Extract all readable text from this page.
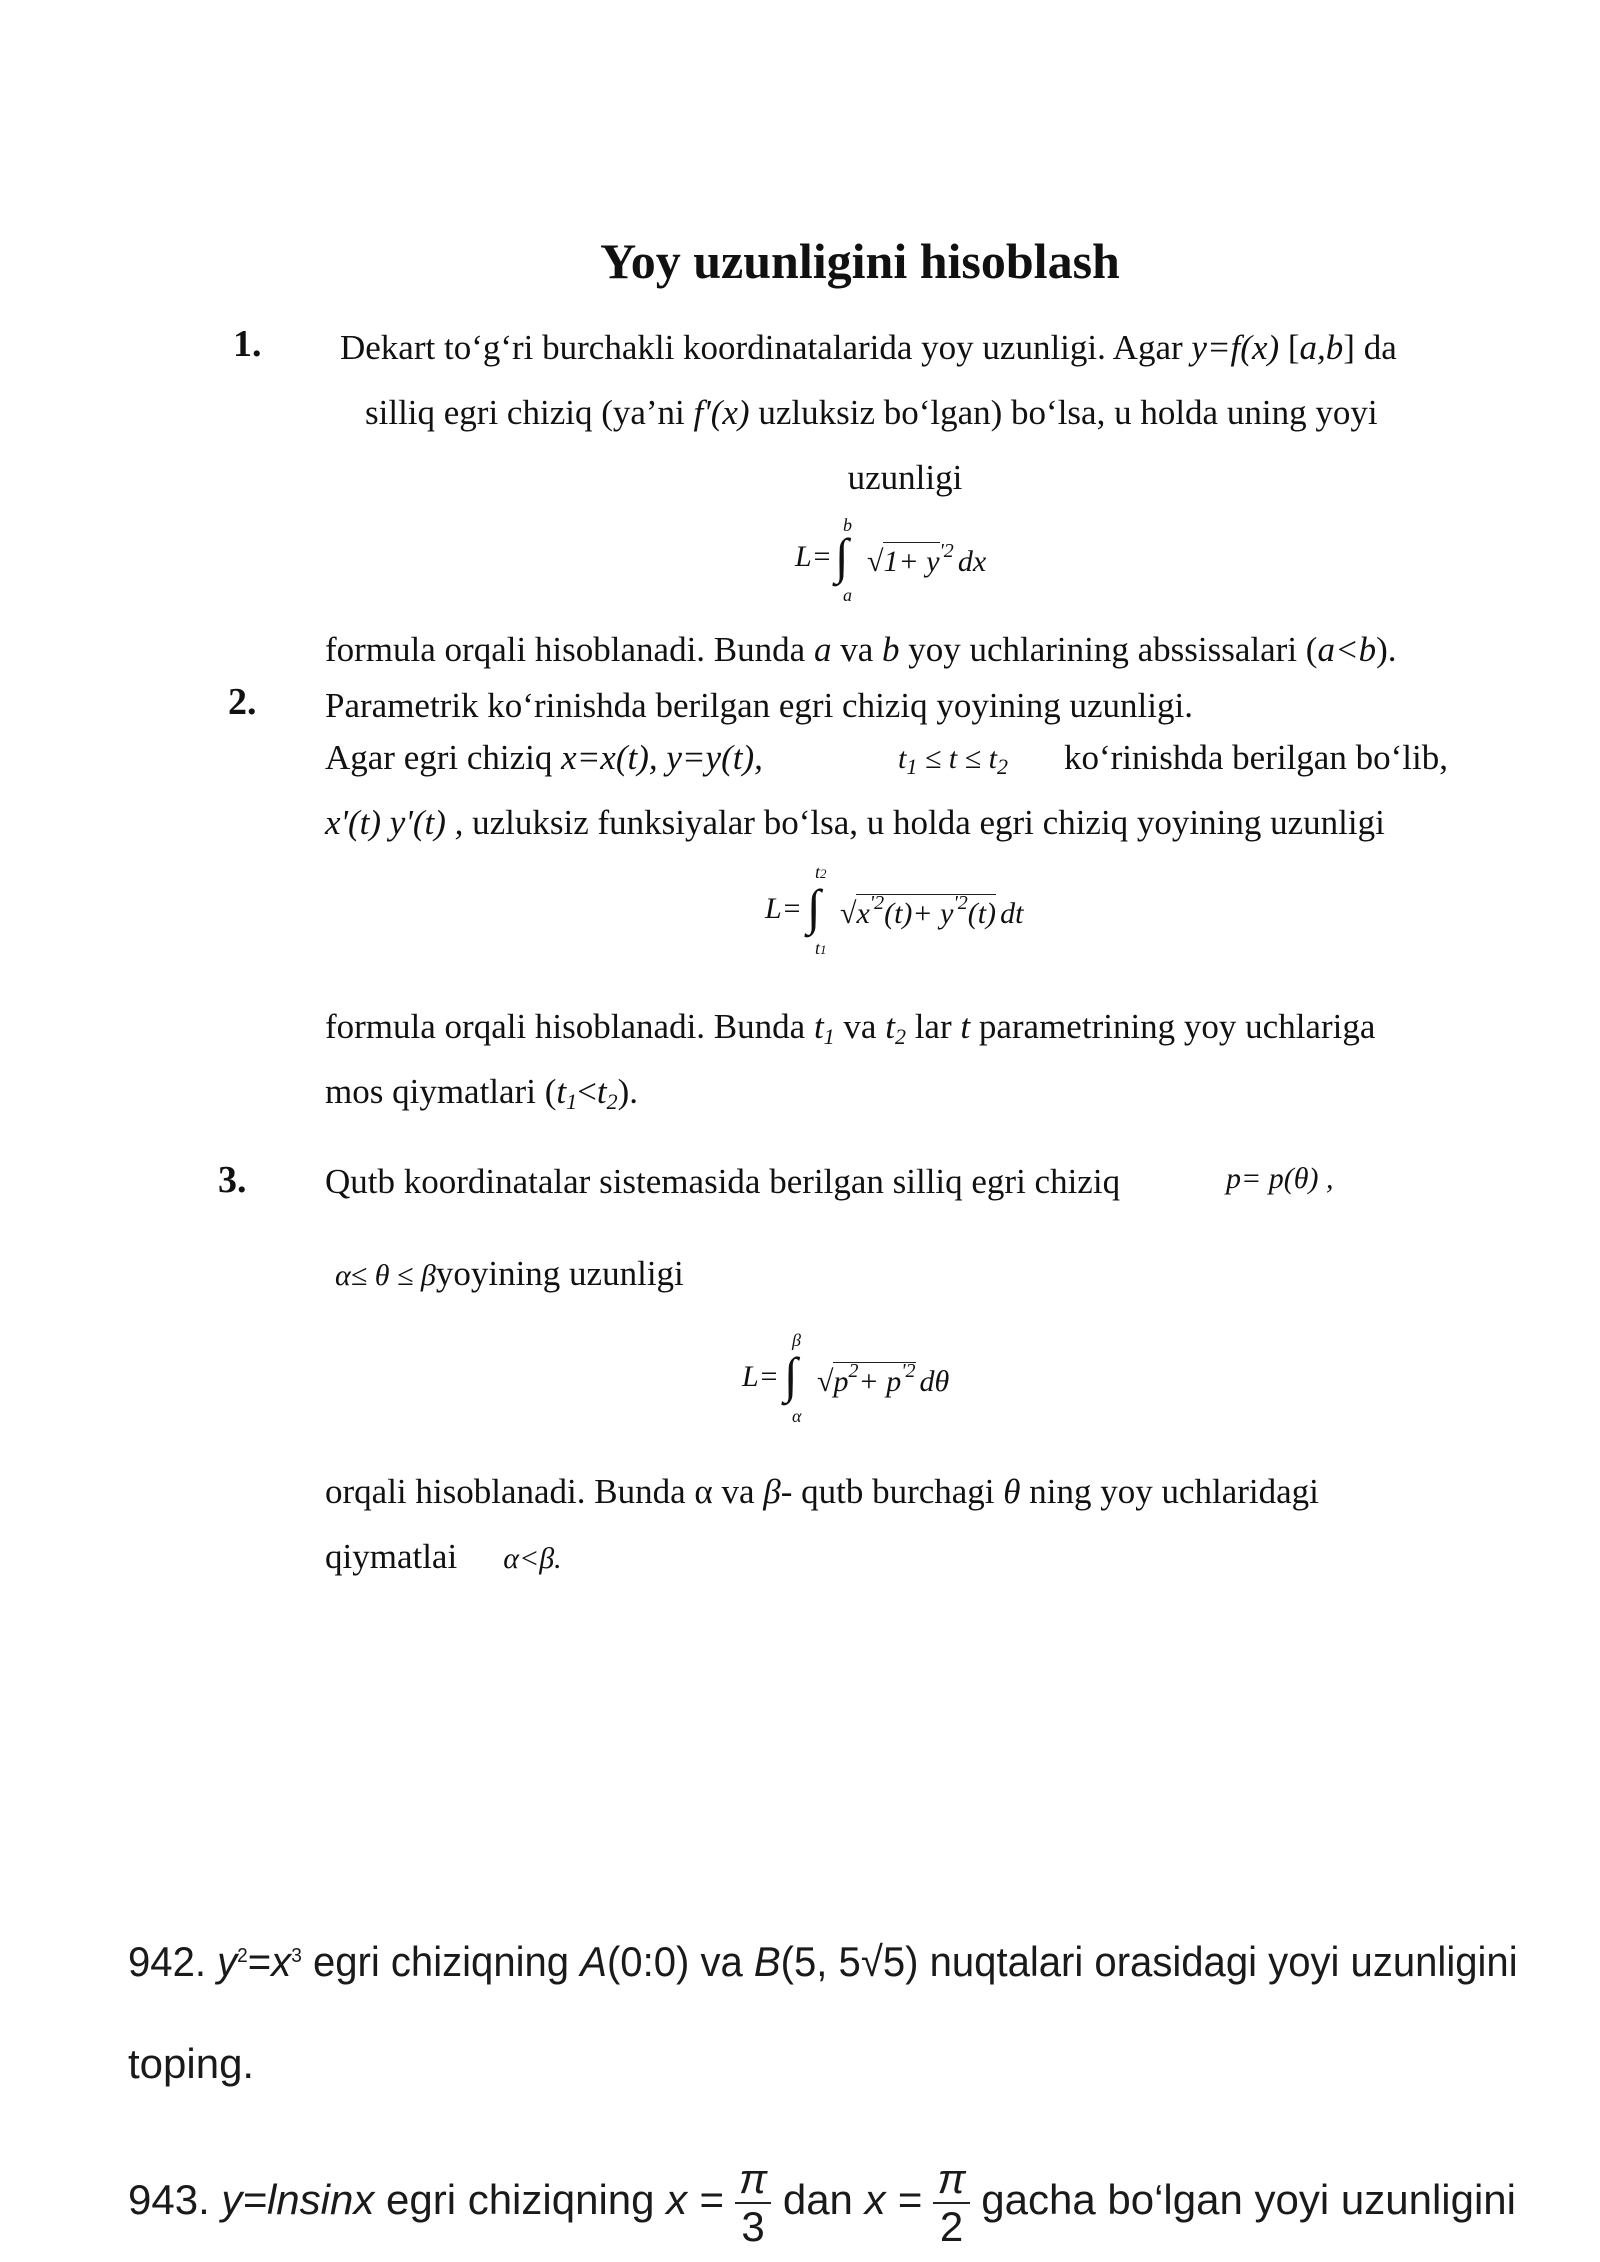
Yoy uzunligini hisoblash
1. Dekart to‘g‘ri burchakli koordinatalarida yoy uzunligi. Agar y=f(x) [a,b] da
silliq egri chiziq (ya’ni f'(x) uzluksiz bo‘lgan) bo‘lsa, u holda uning yoyi
uzunligi
b
a
L= ∫ $√1+ y^{'2}$ dx
formula orqali hisoblanadi. Bunda a va b yoy uchlarining abssissalari (a<b).
2. Parametrik ko‘rinishda berilgan egri chiziq yoyining uzunligi.
Agar egri chiziq x=x(t), y=y(t),	$t_1 \le t \le t_2$ ko‘rinishda berilgan bo‘lib,
x'(t) y'(t) , uzluksiz funksiyalar bo‘lsa, u holda egri chiziq yoyining uzunligi
t2
t1
L= ∫ $√x^{'2}(t)+ y^{'2}(t)$ dt
formula orqali hisoblanadi. Bunda $t_1$ va $t_2$ lar t parametrining yoy uchlariga
mos qiymatlari $(t_1<t_2)$.
3. Qutb koordinatalar sistemasida berilgan silliq egri chiziq	p= p(θ) ,
α≤ θ ≤ βyoyining uzunligi
β
α
L= ∫ $√p^2+ p^{'2}$ dθ
orqali hisoblanadi. Bunda α va β- qutb burchagi θ ning yoy uchlaridagi
qiymatlai α<β.
942. $y^2=x^3$ egri chiziqning A(0:0) va B(5, 5√5) nuqtalari orasidagi yoyi uzunligini
toping.
943. y=lnsinx egri chiziqning $x = \frac{\pi}{3}$ dan $x = \frac{\pi}{2}$ gacha bo‘lgan yoyi uzunligini
